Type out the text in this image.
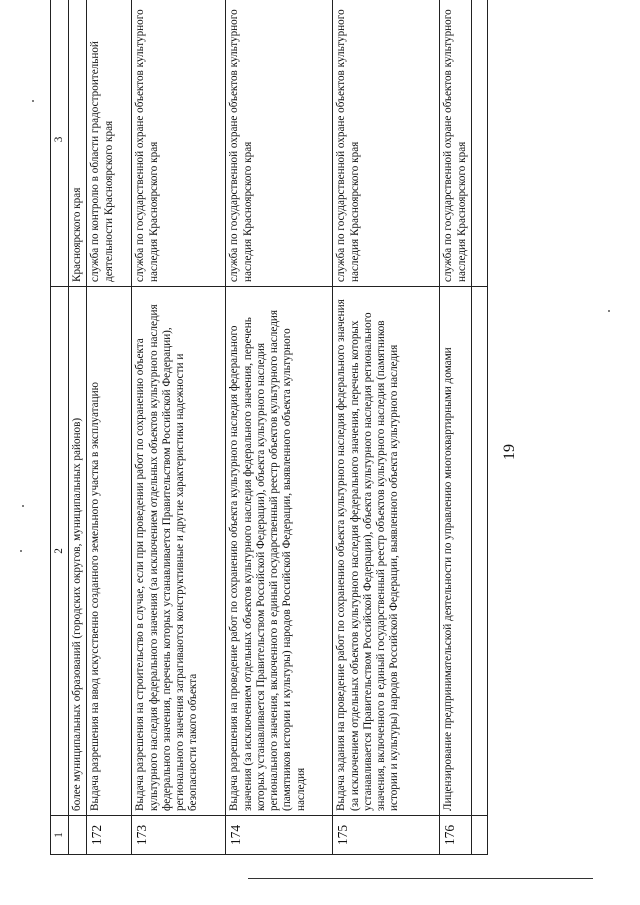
19
1	2	3
	более муниципальных образований (городских округов, муниципальных районов)	Красноярского края
172	Выдача разрешения на ввод искусственно созданного земельного участка в эксплуатацию	служба по контролю в области градостроительной деятельности Красноярского края
173	Выдача разрешения на строительство в случае, если при проведении работ по сохранению объекта культурного наследия федерального значения (за исключением отдельных объектов культурного наследия федерального значения, перечень которых устанавливается Правительством Российской Федерации), регионального значения затрагиваются конструктивные и другие характеристики надежности и безопасности такого объекта	служба по государственной охране объектов культурного наследия Красноярского края
174	Выдача разрешения на проведение работ по сохранению объекта культурного наследия федерального значения (за исключением отдельных объектов культурного наследия федерального значения, перечень которых устанавливается Правительством Российской Федерации), объекта культурного наследия регионального значения, включенного в единый государственный реестр объектов культурного наследия (памятников истории и культуры) народов Российской Федерации, выявленного объекта культурного наследия	служба по государственной охране объектов культурного наследия Красноярского края
175	Выдача задания на проведение работ по сохранению объекта культурного наследия федерального значения (за исключением отдельных объектов культурного наследия федерального значения, перечень которых устанавливается Правительством Российской Федерации), объекта культурного наследия регионального значения, включенного в единый государственный реестр объектов культурного наследия (памятников истории и культуры) народов Российской Федерации, выявленного объекта культурного наследия	служба по государственной охране объектов культурного наследия Красноярского края
176	Лицензирование предпринимательской деятельности по управлению многоквартирными домами	служба по государственной охране объектов культурного наследия Красноярского края
